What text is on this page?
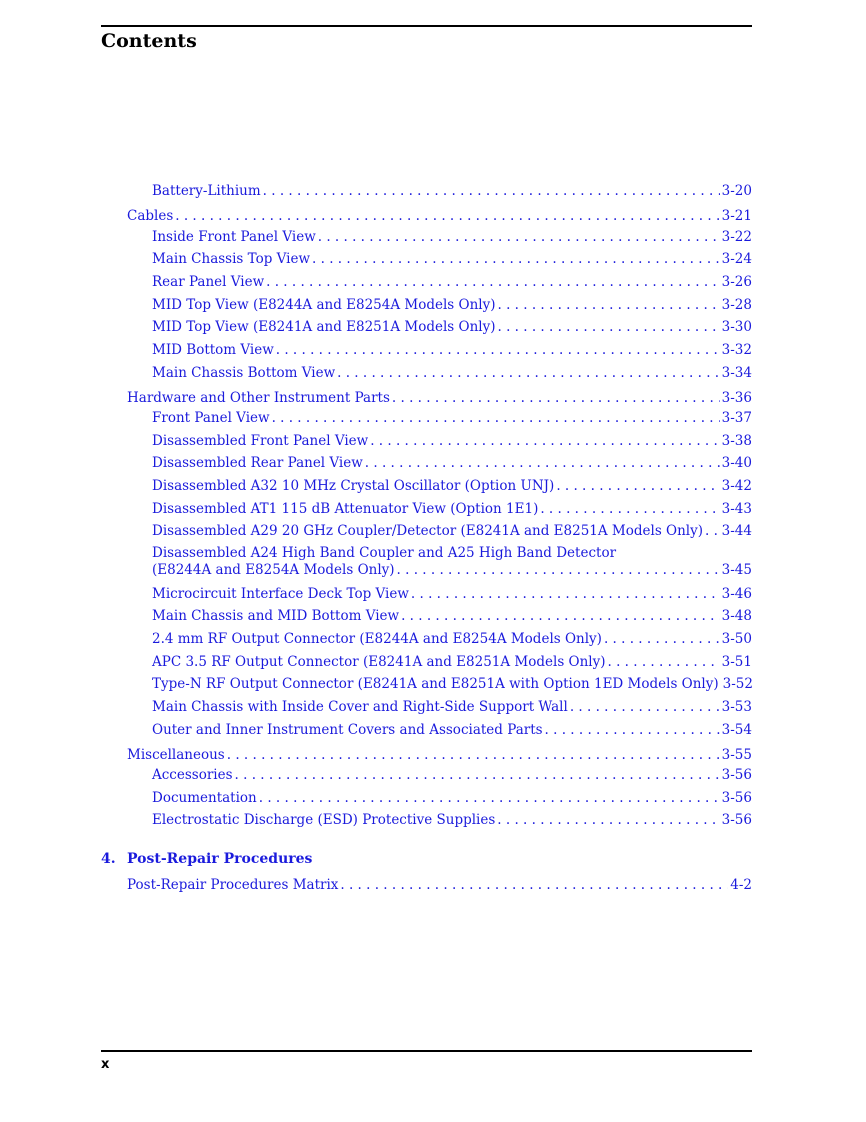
Contents
Battery-Lithium . . .	3-20
Cables . . .	3-21
Inside Front Panel View . . .	3-22
Main Chassis Top View . . .	3-24
Rear Panel View . . .	3-26
MID Top View (E8244A and E8254A Models Only) . . .	3-28
MID Top View (E8241A and E8251A Models Only) . . .	3-30
MID Bottom View . . .	3-32
Main Chassis Bottom View . . .	3-34
Hardware and Other Instrument Parts . . .	3-36
Front Panel View . . .	3-37
Disassembled Front Panel View . . .	3-38
Disassembled Rear Panel View . . .	3-40
Disassembled A32 10 MHz Crystal Oscillator (Option UNJ) . . .	3-42
Disassembled AT1 115 dB Attenuator View (Option 1E1) . . .	3-43
Disassembled A29 20 GHz Coupler/Detector (E8241A and E8251A Models Only) . . . 3-44
Disassembled A24 High Band Coupler and A25 High Band Detector
(E8244A and E8254A Models Only) . . .	3-45
Microcircuit Interface Deck Top View . . .	3-46
Main Chassis and MID Bottom View . . .	3-48
2.4 mm RF Output Connector (E8244A and E8254A Models Only) . . .	3-50
APC 3.5 RF Output Connector (E8241A and E8251A Models Only) . . .	3-51
Type-N RF Output Connector (E8241A and E8251A with Option 1ED Models Only) 3-52
Main Chassis with Inside Cover and Right-Side Support Wall . . .	3-53
Outer and Inner Instrument Covers and Associated Parts . . .	3-54
Miscellaneous . . .	3-55
Accessories . . .	3-56
Documentation . . .	3-56
Electrostatic Discharge (ESD) Protective Supplies . . .	3-56
4. Post-Repair Procedures
Post-Repair Procedures Matrix . . .	4-2
x
